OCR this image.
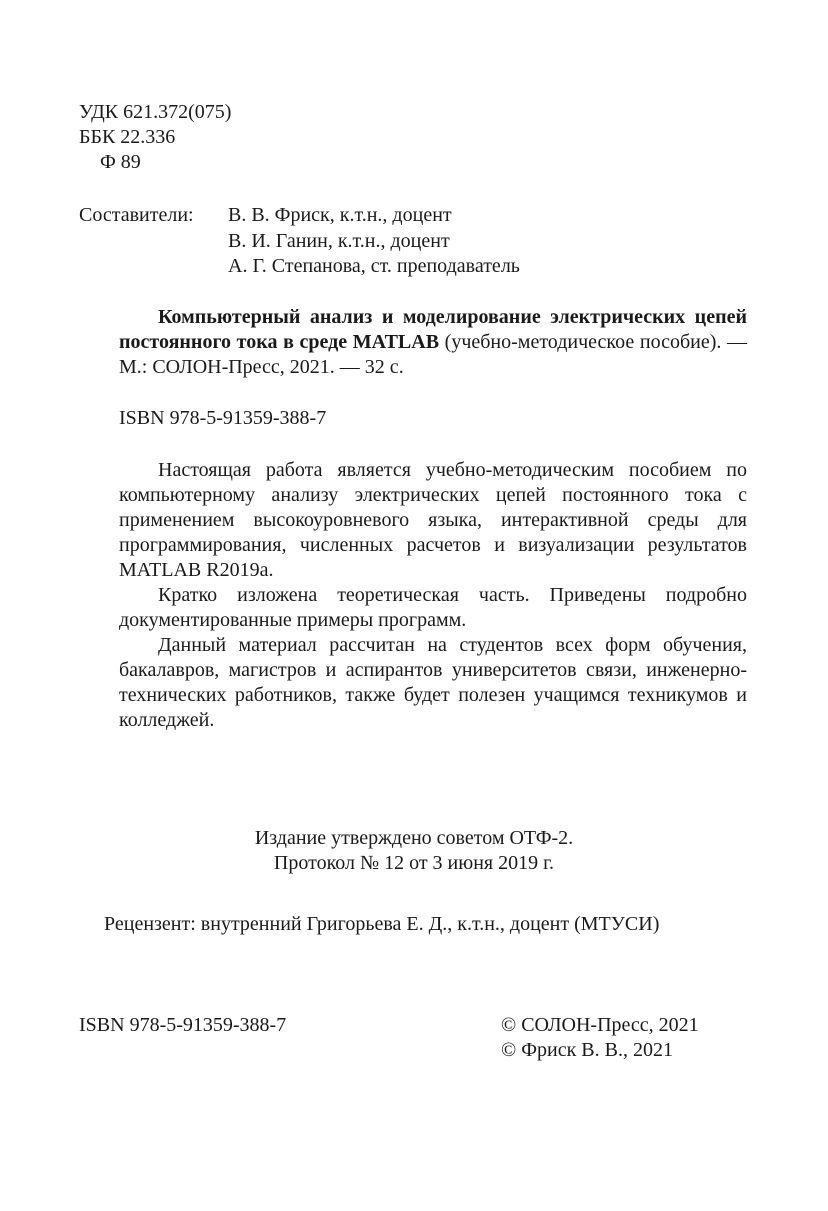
УДК 621.372(075)
ББК 22.336
Ф 89
Составители:	В. В. Фриск, к.т.н., доцент
В. И. Ганин, к.т.н., доцент
А. Г. Степанова, ст. преподаватель
Компьютерный анализ и моделирование электрических цепей постоянного тока в среде MATLAB (учебно-методическое пособие). — М.: СОЛОН-Пресс, 2021. — 32 с.
ISBN 978-5-91359-388-7

Настоящая работа является учебно-методическим пособием по компьютерному анализу электрических цепей постоянного тока с применением высокоуровневого языка, интерактивной среды для программирования, численных расчетов и визуализации результатов MATLAB R2019a.

Кратко изложена теоретическая часть. Приведены подробно документированные примеры программ.

Данный материал рассчитан на студентов всех форм обучения, бакалавров, магистров и аспирантов университетов связи, инженерно-технических работников, также будет полезен учащимся техникумов и колледжей.

Издание утверждено советом ОТФ-2.
Протокол № 12 от 3 июня 2019 г.
Рецензент: внутренний Григорьева Е. Д., к.т.н., доцент (МТУСИ)
ISBN 978-5-91359-388-7	© СОЛОН-Пресс, 2021
© Фриск В. В., 2021
